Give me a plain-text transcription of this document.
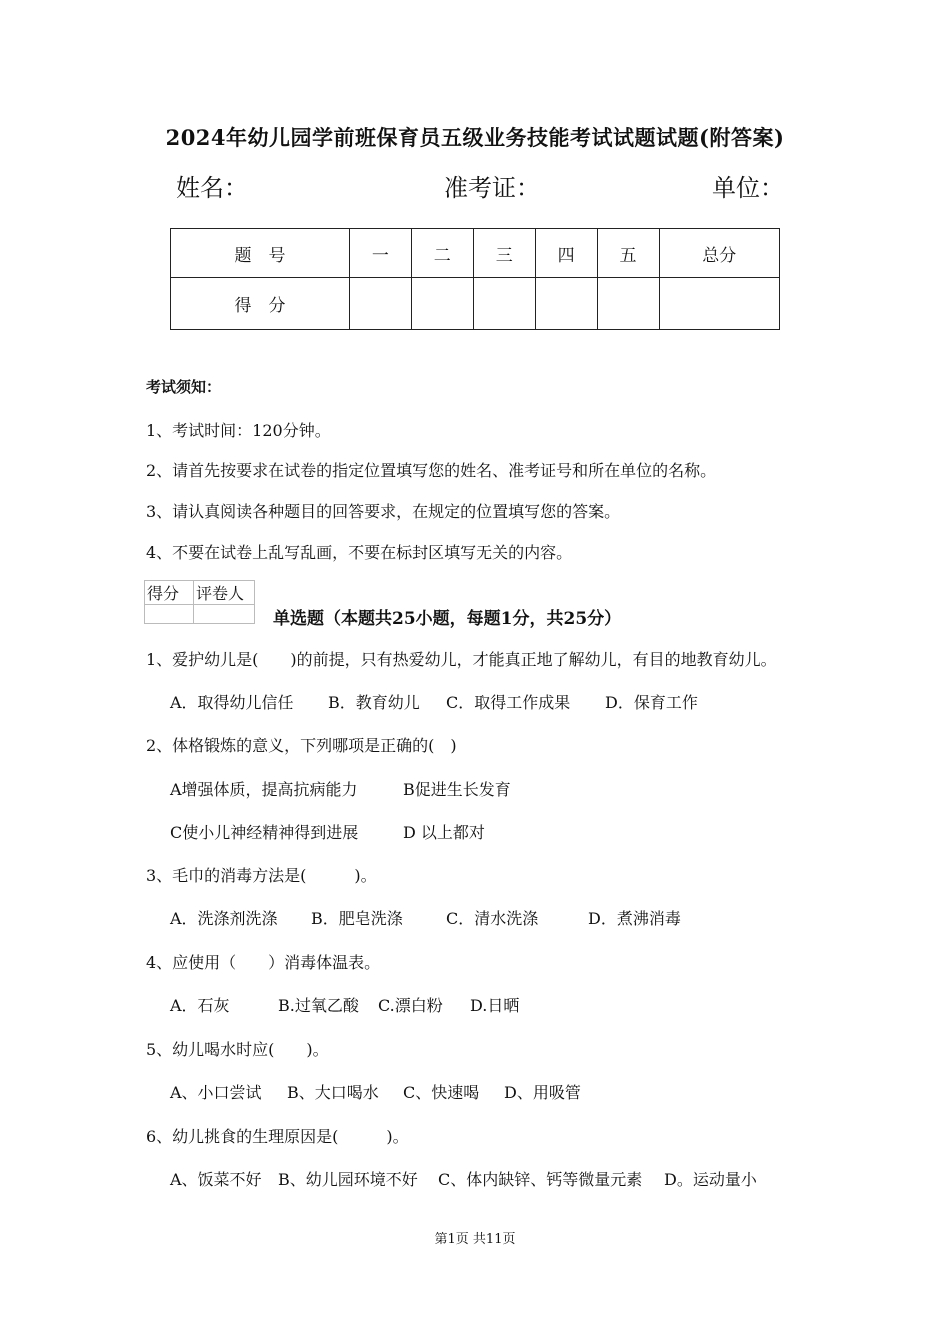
2024年幼儿园学前班保育员五级业务技能考试试题试题(附答案)
姓名：	准考证：	单位：
题　号	一	二	三	四	五	总分
得　分						
考试须知：
1、考试时间：120分钟。
2、请首先按要求在试卷的指定位置填写您的姓名、准考证号和所在单位的名称。
3、请认真阅读各种题目的回答要求，在规定的位置填写您的答案。
4、不要在试卷上乱写乱画，不要在标封区填写无关的内容。
得分	评卷人

单选题（本题共25小题，每题1分，共25分）
1、爱护幼儿是(　　)的前提，只有热爱幼儿，才能真正地了解幼儿，有目的地教育幼儿。
A．取得幼儿信任 B．教育幼儿 C．取得工作成果 D．保育工作
2、体格锻炼的意义，下列哪项是正确的(　)
A增强体质，提高抗病能力	B促进生长发育
C使小儿神经精神得到进展	D 以上都对
3、毛巾的消毒方法是(　　　)。
A．洗涤剂洗涤 B．肥皂洗涤	C．清水洗涤	D．煮沸消毒
4、应使用（　　）消毒体温表。
A．石灰	B.过氧乙酸 C.漂白粉 D.日晒
5、幼儿喝水时应(　　)。
A、小口尝试 B、大口喝水 C、快速喝 D、用吸管
6、幼儿挑食的生理原因是(　　　)。
A、饭菜不好 B、幼儿园环境不好 C、体内缺锌、钙等微量元素 D。运动量小
第1页 共11页
